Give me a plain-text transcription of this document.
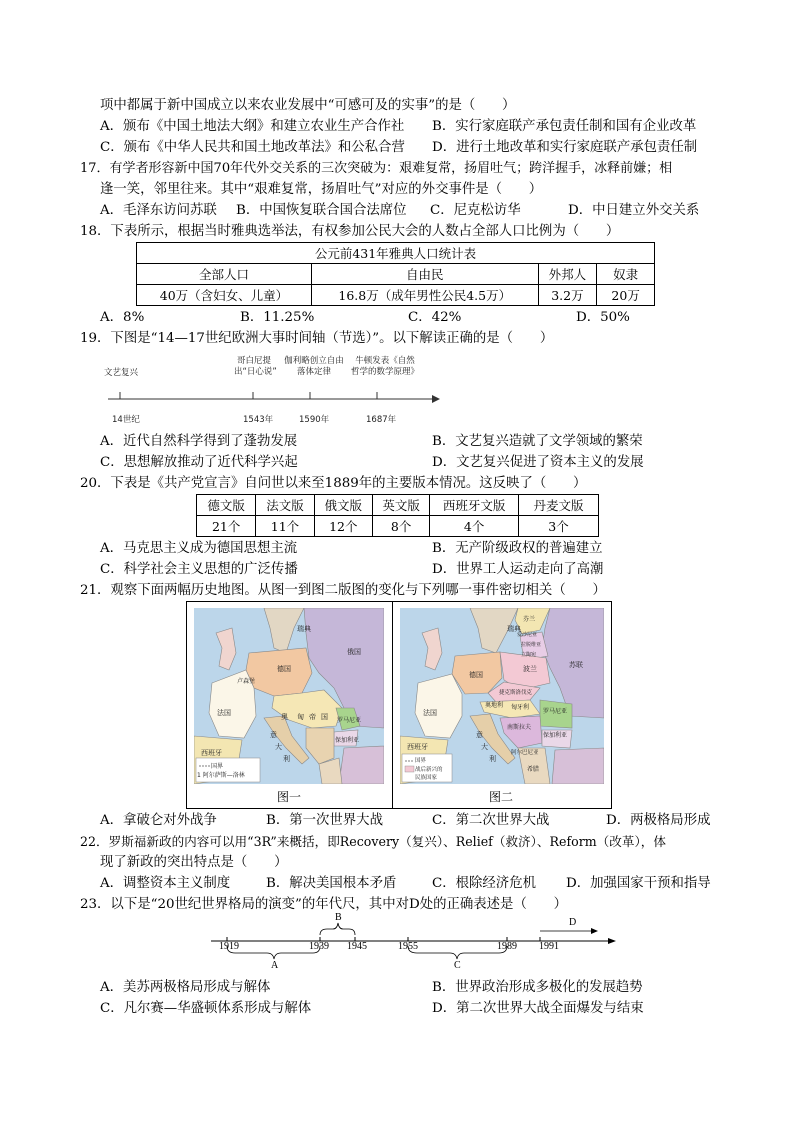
项中都属于新中国成立以来农业发展中“可感可及的实事”的是（　　）
A．颁布《中国土地法大纲》和建立农业生产合作社 B．实行家庭联产承包责任制和国有企业改革
C．颁布《中华人民共和国土地改革法》和公私合营 D．进行土地改革和实行家庭联产承包责任制
17．有学者形容新中国70年代外交关系的三次突破为：艰难复常，扬眉吐气；跨洋握手，冰释前嫌；相
逢一笑，邻里往来。其中“艰难复常，扬眉吐气”对应的外交事件是（　　）
A．毛泽东访问苏联 B．中国恢复联合国合法席位 C．尼克松访华	D．中日建立外交关系
18．下表所示，根据当时雅典选举法，有权参加公民大会的人数占全部人口比例为（　　）
公元前431年雅典人口统计表			
全部人口	自由民	外邦人	奴隶
40万（含妇女、儿童）	16.8万（成年男性公民4.5万）	3.2万	20万
A．8%	B．11.25%	C．42%	D．50%
19．下图是“14—17世纪欧洲大事时间轴（节选）”。以下解读正确的是（　　）
文艺复兴
哥白尼提
出“日心说”
伽利略创立自由
落体定律
牛顿发表《自然
哲学的数学原理》
14世纪	1543年	1590年	1687年
A．近代自然科学得到了蓬勃发展	B．文艺复兴造就了文学领域的繁荣
C．思想解放推动了近代科学兴起	D．文艺复兴促进了资本主义的发展
20．下表是《共产党宣言》自问世以来至1889年的主要版本情况。这反映了（　　）
德文版	法文版	俄文版	英文版	西班牙文版	丹麦文版
21个	11个	12个	8个	4个	3个
A．马克思主义成为德国思想主流	B．无产阶级政权的普遍建立
C．科学社会主义思想的广泛传播	D．世界工人运动走向了高潮
21．观察下面两幅历史地图。从图一到图二版图的变化与下列哪一事件密切相关（　　）
瑞典
德国
俄国
法国
西班牙
奥 匈 帝 国 罗马尼亚
保加利亚
意
大
利
卢森堡
国界
1 阿尔萨斯—洛林
图一
瑞典
苏联
德国
波兰
法国
西班牙
捷克斯洛伐克
奥地利 匈牙利
罗马尼亚
南斯拉夫
保加利亚
意
大
利
阿尔巴尼亚
希腊
拉脱维亚
立陶宛
芬兰
爱沙尼亚
国界
战后新兴的
民族国家
图二
A．拿破仑对外战争	B．第一次世界大战	C．第二次世界大战	D．两极格局形成
22．罗斯福新政的内容可以用“3R”来概括，即Recovery（复兴）、Relief（救济）、Reform（改革），体
现了新政的突出特点是（　　）
A．调整资本主义制度	B．解决美国根本矛盾	C．根除经济危机 D．加强国家干预和指导
23．以下是“20世纪世界格局的演变”的年代尺，其中对D处的正确表述是（　　）
1919	1939 1945	1955	1989 1991
A
B
C
D
A．美苏两极格局形成与解体	B．世界政治形成多极化的发展趋势
C．凡尔赛—华盛顿体系形成与解体	D．第二次世界大战全面爆发与结束
